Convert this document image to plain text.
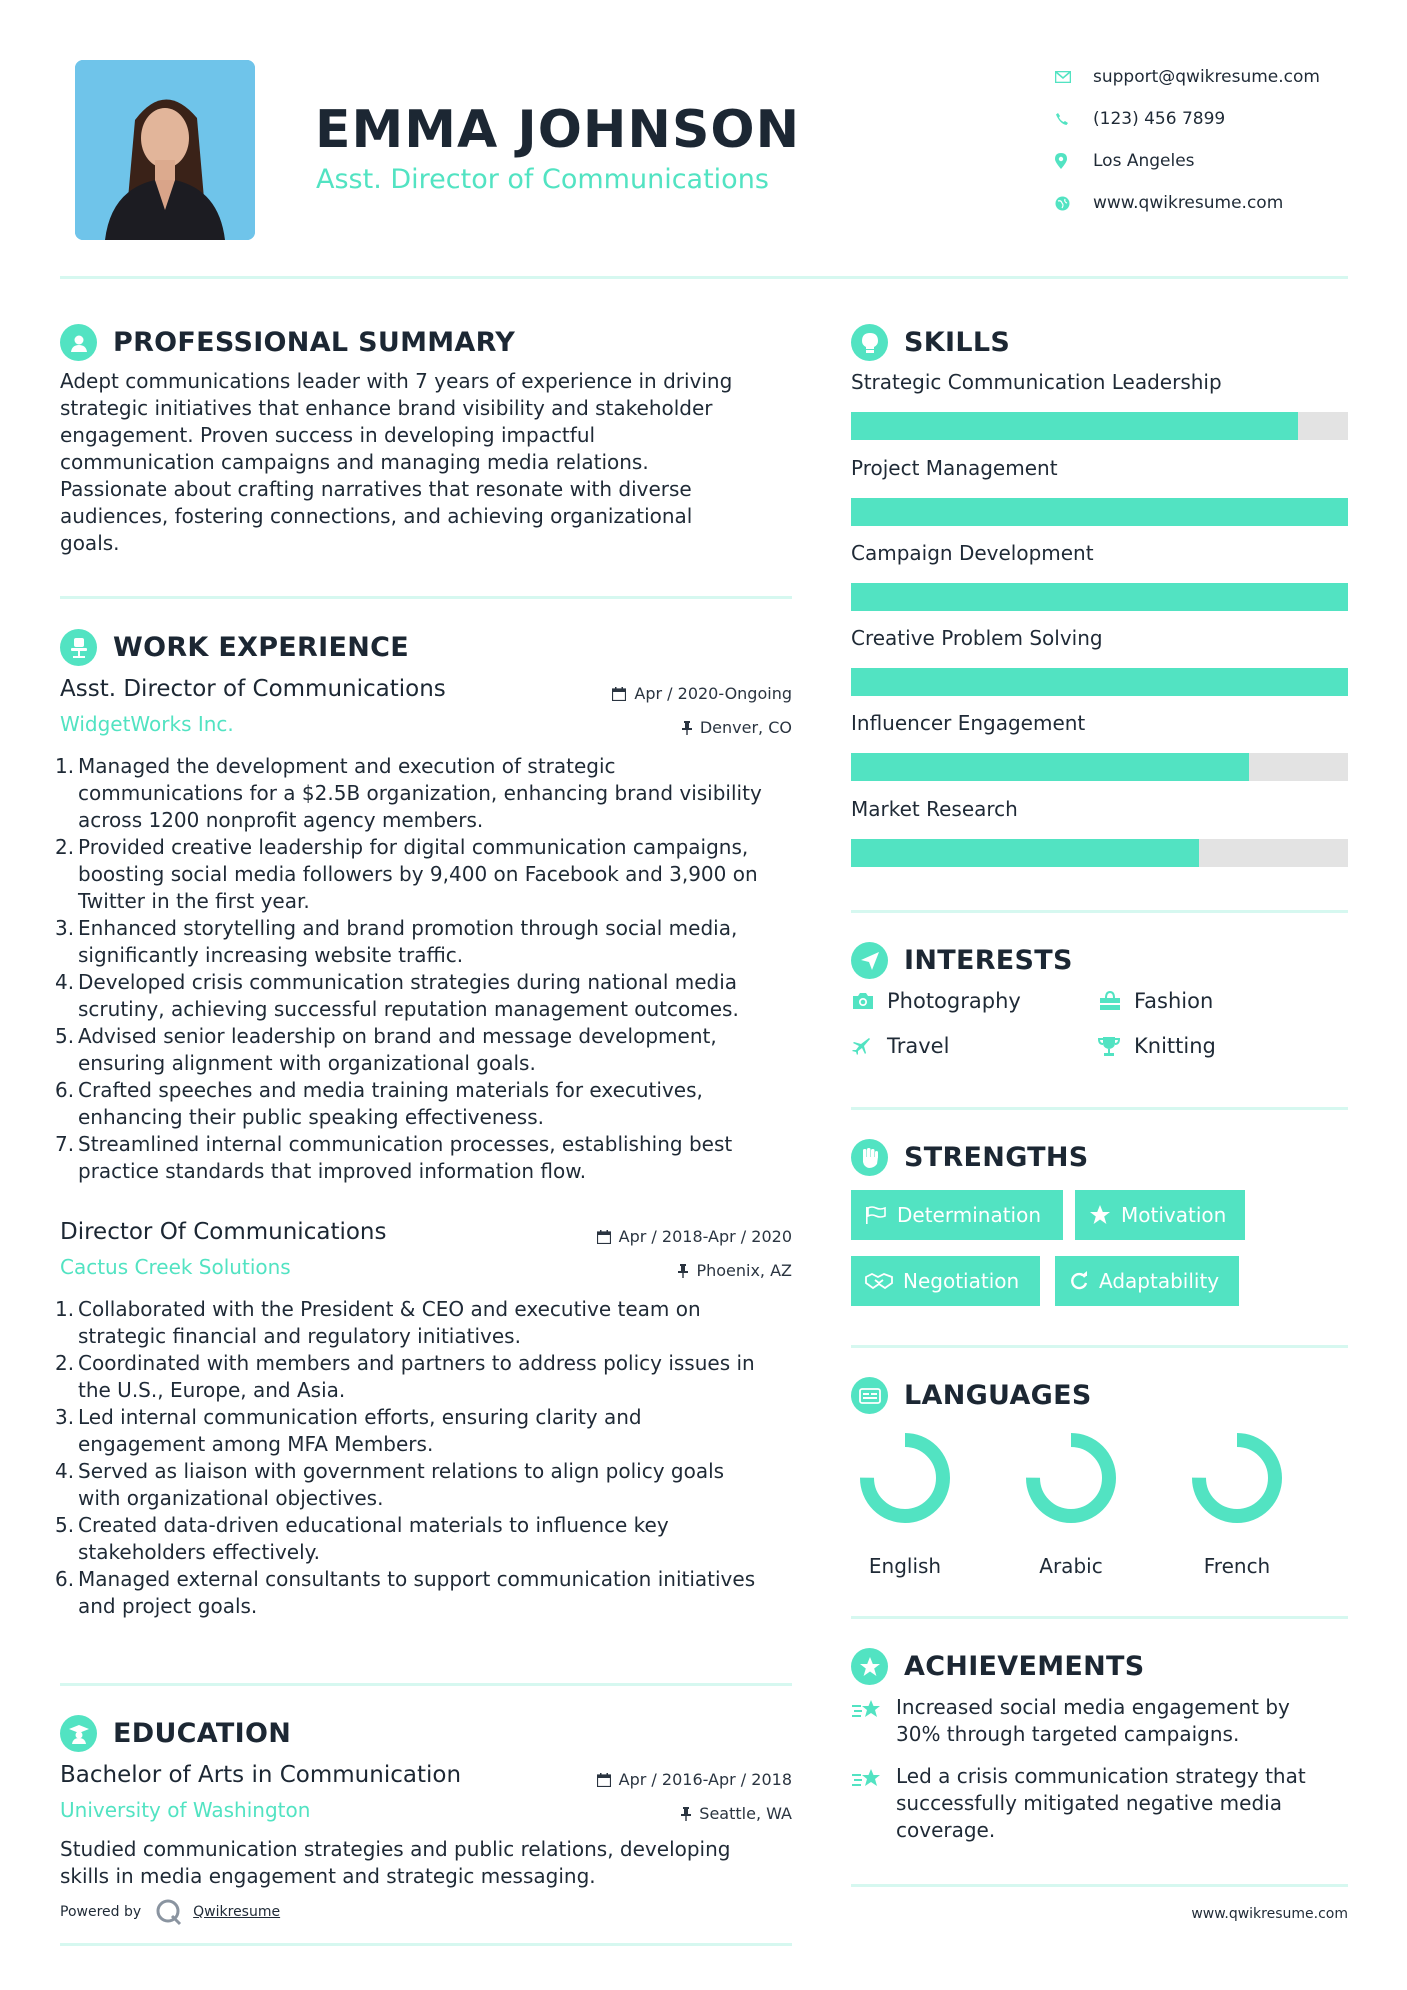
EMMA JOHNSON
Asst. Director of Communications
support@qwikresume.com
(123) 456 7899
Los Angeles
www.qwikresume.com
PROFESSIONAL SUMMARY
Adept communications leader with 7 years of experience in driving
strategic initiatives that enhance brand visibility and stakeholder
engagement. Proven success in developing impactful
communication campaigns and managing media relations.
Passionate about crafting narratives that resonate with diverse
audiences, fostering connections, and achieving organizational
goals.
WORK EXPERIENCE
Apr / 2020-Ongoing
Denver, CO
Asst. Director of Communications
WidgetWorks Inc.
1. Managed the development and execution of strategic
communications for a $2.5B organization, enhancing brand visibility
across 1200 nonprofit agency members.
2. Provided creative leadership for digital communication campaigns,
boosting social media followers by 9,400 on Facebook and 3,900 on
Twitter in the first year.
3. Enhanced storytelling and brand promotion through social media,
significantly increasing website traffic.
4. Developed crisis communication strategies during national media
scrutiny, achieving successful reputation management outcomes.
5. Advised senior leadership on brand and message development,
ensuring alignment with organizational goals.
6. Crafted speeches and media training materials for executives,
enhancing their public speaking effectiveness.
7. Streamlined internal communication processes, establishing best
practice standards that improved information flow.
Apr / 2018-Apr / 2020
Phoenix, AZ
Director Of Communications
Cactus Creek Solutions
1. Collaborated with the President & CEO and executive team on
strategic financial and regulatory initiatives.
2. Coordinated with members and partners to address policy issues in
the U.S., Europe, and Asia.
3. Led internal communication efforts, ensuring clarity and
engagement among MFA Members.
4. Served as liaison with government relations to align policy goals
with organizational objectives.
5. Created data-driven educational materials to influence key
stakeholders effectively.
6. Managed external consultants to support communication initiatives
and project goals.
EDUCATION
Apr / 2016-Apr / 2018
Seattle, WA
Bachelor of Arts in Communication
University of Washington
Studied communication strategies and public relations, developing
skills in media engagement and strategic messaging.
Powered by	Qwikresume
SKILLS
Strategic Communication Leadership
Project Management
Campaign Development
Creative Problem Solving
Influencer Engagement
Market Research
INTERESTS
Photography	Fashion
Travel	Knitting
STRENGTHS
Determination	Motivation
Negotiation	Adaptability
LANGUAGES
English	Arabic	French
ACHIEVEMENTS
Increased social media engagement by
30% through targeted campaigns.
Led a crisis communication strategy that
successfully mitigated negative media
coverage.
www.qwikresume.com
